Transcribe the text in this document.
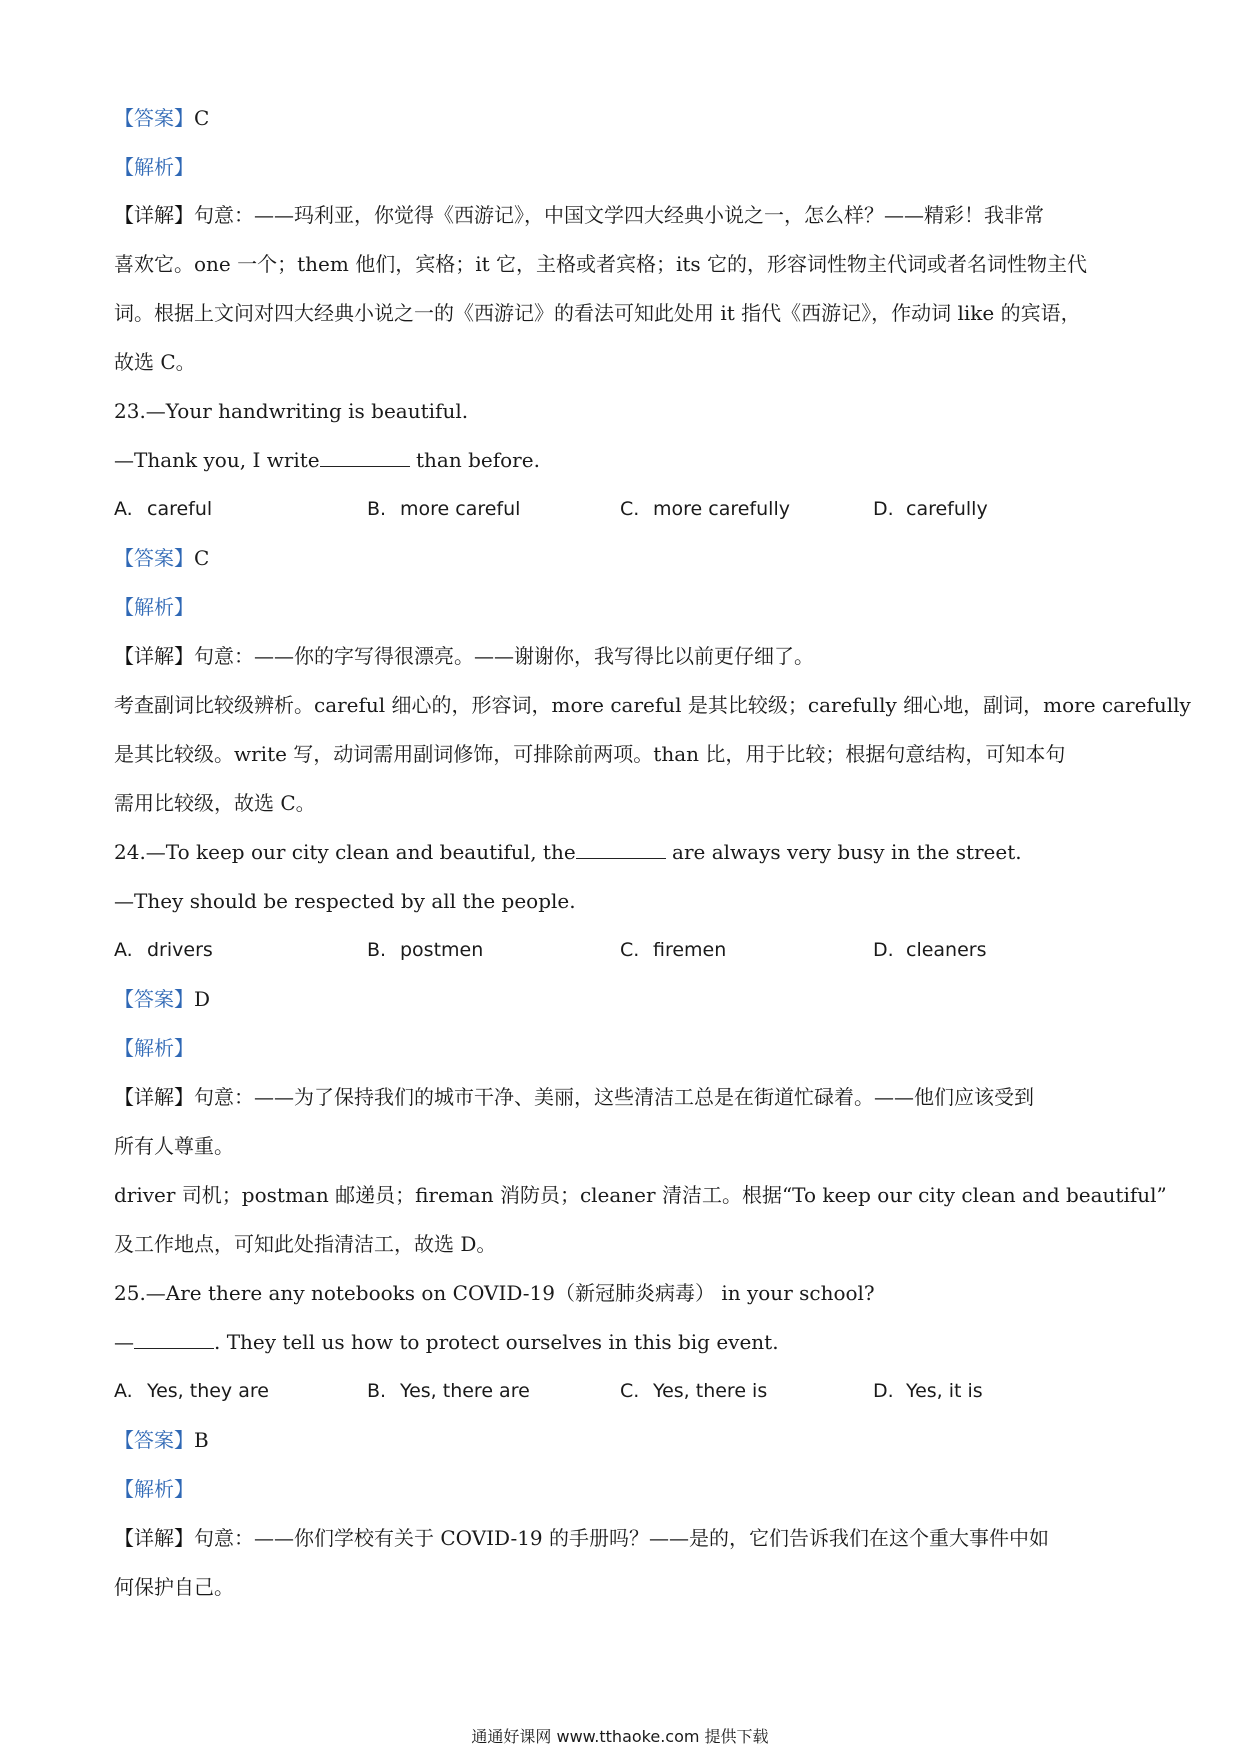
【答案】C
【解析】
【详解】句意：——玛利亚，你觉得《西游记》，中国文学四大经典小说之一，怎么样？——精彩！我非常
喜欢它。one 一个；them 他们，宾格；it 它，主格或者宾格；its 它的，形容词性物主代词或者名词性物主代
词。根据上文问对四大经典小说之一的《西游记》的看法可知此处用 it 指代《西游记》，作动词 like 的宾语，
故选 C。
23.—Your handwriting is beautiful.
—Thank you, I write	than before.
A. careful	B. more careful	C. more carefully	D. carefully
【答案】C
【解析】
【详解】句意：——你的字写得很漂亮。——谢谢你，我写得比以前更仔细了。
考查副词比较级辨析。careful 细心的，形容词，more careful 是其比较级；carefully 细心地，副词，more carefully
是其比较级。write 写，动词需用副词修饰，可排除前两项。than 比，用于比较；根据句意结构，可知本句
需用比较级，故选 C。
24.—To keep our city clean and beautiful, the	are always very busy in the street.
—They should be respected by all the people.
A. drivers	B. postmen	C. firemen	D. cleaners
【答案】D
【解析】
【详解】句意：——为了保持我们的城市干净、美丽，这些清洁工总是在街道忙碌着。——他们应该受到
所有人尊重。
driver 司机；postman 邮递员；fireman 消防员；cleaner 清洁工。根据“To keep our city clean and beautiful”
及工作地点，可知此处指清洁工，故选 D。
25.—Are there any notebooks on COVID-19（新冠肺炎病毒） in your school?
—	. They tell us how to protect ourselves in this big event.
A. Yes, they are	B. Yes, there are	C. Yes, there is	D. Yes, it is
【答案】B
【解析】
【详解】句意：——你们学校有关于 COVID-19 的手册吗？——是的，它们告诉我们在这个重大事件中如
何保护自己。
通通好课网 www.tthaoke.com 提供下载
